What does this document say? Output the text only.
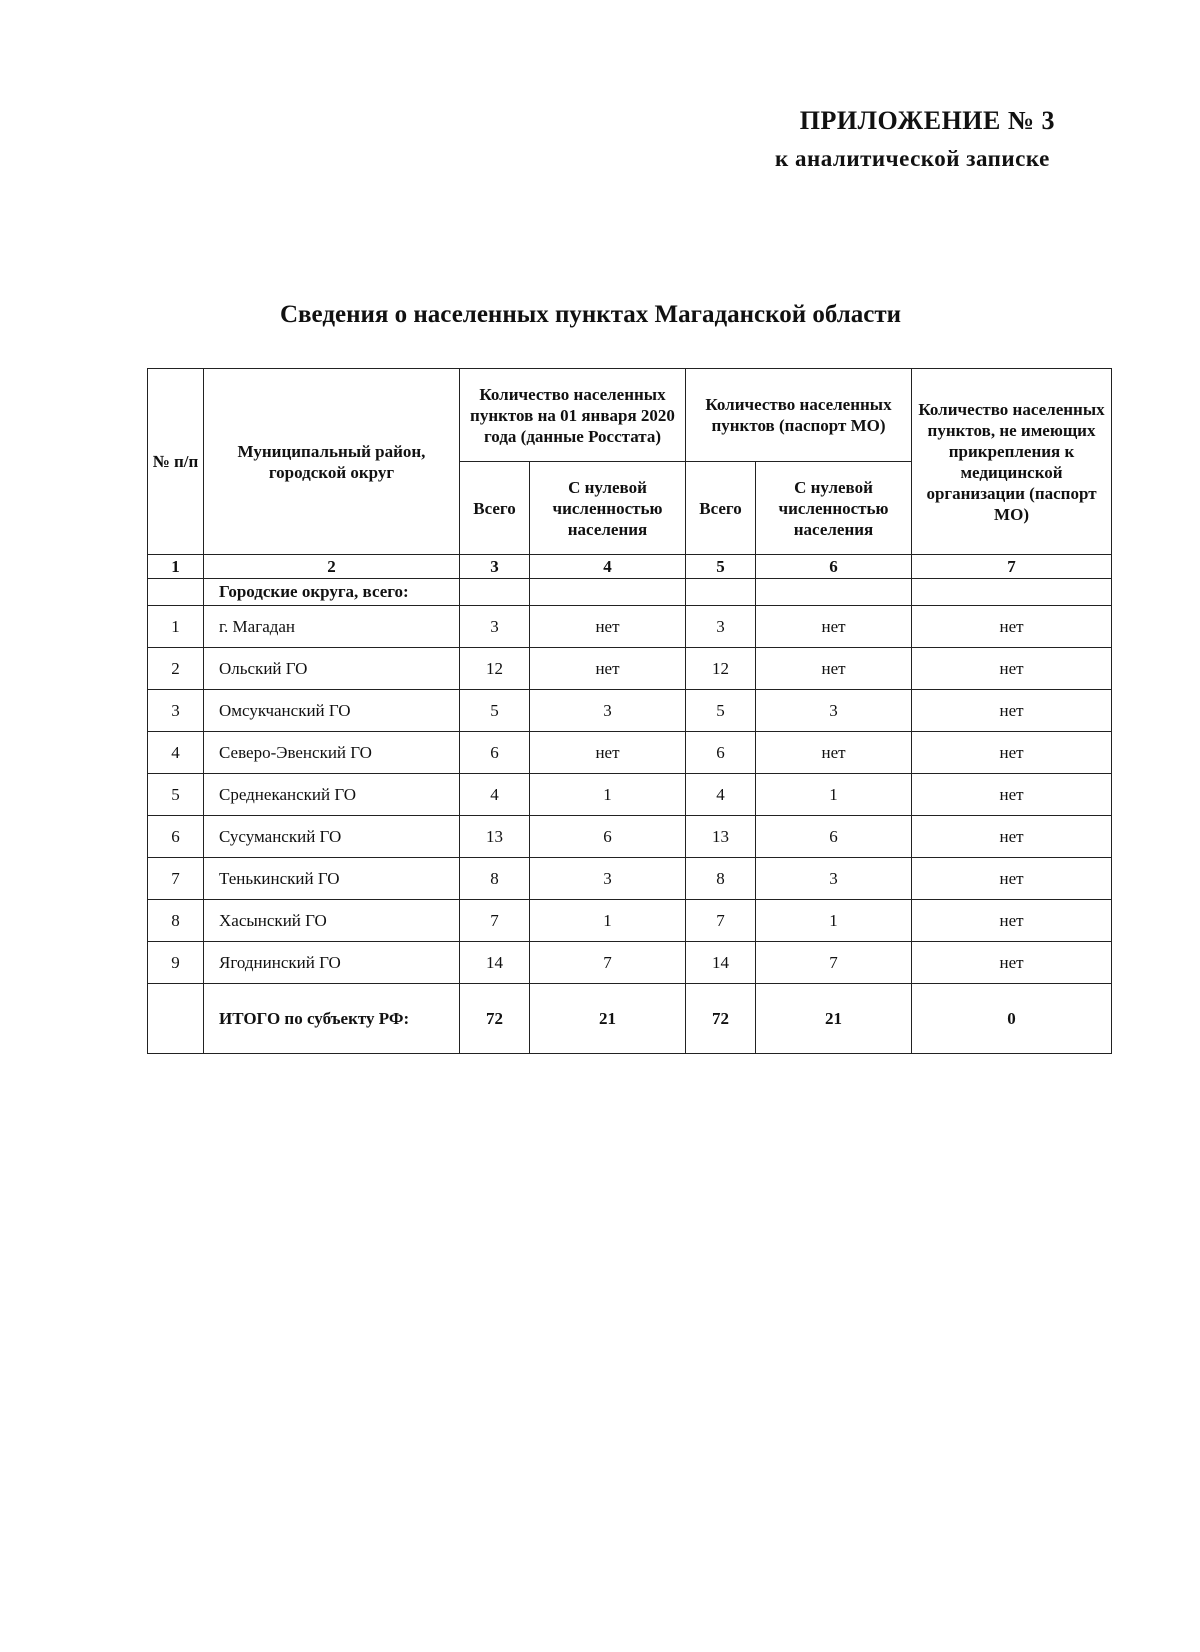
ПРИЛОЖЕНИЕ № 3
к аналитической записке
Сведения о населенных пунктах Магаданской области
№ п/п	Муниципальный район, городской округ	Количество населенных пунктов на 01 января 2020 года (данные Росстата)		Количество населенных пунктов (паспорт МО)		Количество населенных пунктов, не имеющих прикрепления к медицинской организации (паспорт МО)
		Всего	С нулевой численностью населения	Всего	С нулевой численностью населения	
1	2	3	4	5	6	7
	Городские округа, всего:					
1	г. Магадан	3	нет	3	нет	нет
2	Ольский ГО	12	нет	12	нет	нет
3	Омсукчанский ГО	5	3	5	3	нет
4	Северо-Эвенский ГО	6	нет	6	нет	нет
5	Среднеканский ГО	4	1	4	1	нет
6	Сусуманский ГО	13	6	13	6	нет
7	Тенькинский ГО	8	3	8	3	нет
8	Хасынский ГО	7	1	7	1	нет
9	Ягоднинский ГО	14	7	14	7	нет
	ИТОГО по субъекту РФ:	72	21	72	21	0
